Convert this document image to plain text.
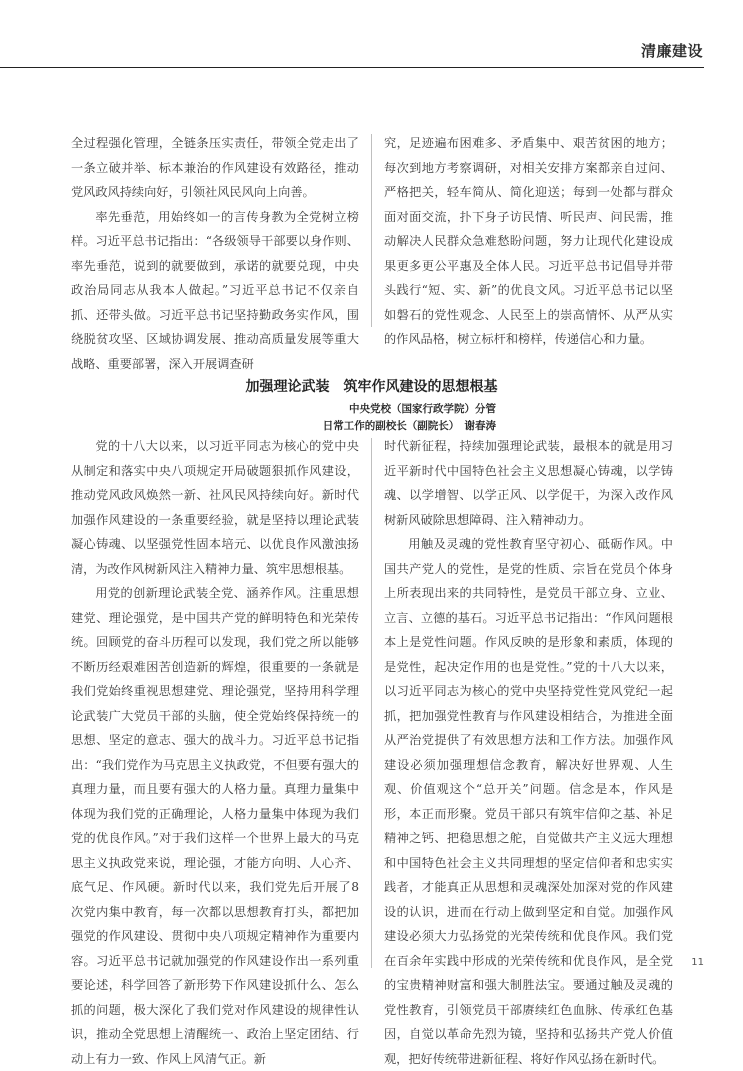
清廉建设

全过程强化管理，全链条压实责任，带领全党走出了一条立破并举、标本兼治的作风建设有效路径，推动党风政风持续向好，引领社风民风向上向善。

率先垂范，用始终如一的言传身教为全党树立榜样。习近平总书记指出：“各级领导干部要以身作则、率先垂范，说到的就要做到，承诺的就要兑现，中央政治局同志从我本人做起。”习近平总书记不仅亲自抓、还带头做。习近平总书记坚持勤政务实作风，围绕脱贫攻坚、区域协调发展、推动高质量发展等重大战略、重要部署，深入开展调查研

究，足迹遍布困难多、矛盾集中、艰苦贫困的地方；每次到地方考察调研，对相关安排方案都亲自过问、严格把关，轻车简从、简化迎送；每到一处都与群众面对面交流，扑下身子访民情、听民声、问民需，推动解决人民群众急难愁盼问题，努力让现代化建设成果更多更公平惠及全体人民。习近平总书记倡导并带头践行“短、实、新”的优良文风。习近平总书记以坚如磐石的党性观念、人民至上的崇高情怀、从严从实的作风品格，树立标杆和榜样，传递信心和力量。

加强理论武装　筑牢作风建设的思想根基
中央党校（国家行政学院）分管
日常工作的副校长（副院长）　谢春涛

党的十八大以来，以习近平同志为核心的党中央从制定和落实中央八项规定开局破题狠抓作风建设，推动党风政风焕然一新、社风民风持续向好。新时代加强作风建设的一条重要经验，就是坚持以理论武装凝心铸魂、以坚强党性固本培元、以优良作风激浊扬清，为改作风树新风注入精神力量、筑牢思想根基。

用党的创新理论武装全党、涵养作风。注重思想建党、理论强党，是中国共产党的鲜明特色和光荣传统。回顾党的奋斗历程可以发现，我们党之所以能够不断历经艰难困苦创造新的辉煌，很重要的一条就是我们党始终重视思想建党、理论强党，坚持用科学理论武装广大党员干部的头脑，使全党始终保持统一的思想、坚定的意志、强大的战斗力。习近平总书记指出：“我们党作为马克思主义执政党，不但要有强大的真理力量，而且要有强大的人格力量。真理力量集中体现为我们党的正确理论，人格力量集中体现为我们党的优良作风。”对于我们这样一个世界上最大的马克思主义执政党来说，理论强，才能方向明、人心齐、底气足、作风硬。新时代以来，我们党先后开展了8次党内集中教育，每一次都以思想教育打头，都把加强党的作风建设、贯彻中央八项规定精神作为重要内容。习近平总书记就加强党的作风建设作出一系列重要论述，科学回答了新形势下作风建设抓什么、怎么抓的问题，极大深化了我们党对作风建设的规律性认识，推动全党思想上清醒统一、政治上坚定团结、行动上有力一致、作风上风清气正。新

时代新征程，持续加强理论武装，最根本的就是用习近平新时代中国特色社会主义思想凝心铸魂，以学铸魂、以学增智、以学正风、以学促干，为深入改作风树新风破除思想障碍、注入精神动力。

用触及灵魂的党性教育坚守初心、砥砺作风。中国共产党人的党性，是党的性质、宗旨在党员个体身上所表现出来的共同特性，是党员干部立身、立业、立言、立德的基石。习近平总书记指出：“作风问题根本上是党性问题。作风反映的是形象和素质，体现的是党性，起决定作用的也是党性。”党的十八大以来，以习近平同志为核心的党中央坚持党性党风党纪一起抓，把加强党性教育与作风建设相结合，为推进全面从严治党提供了有效思想方法和工作方法。加强作风建设必须加强理想信念教育，解决好世界观、人生观、价值观这个“总开关”问题。信念是本，作风是形，本正而形聚。党员干部只有筑牢信仰之基、补足精神之钙、把稳思想之舵，自觉做共产主义远大理想和中国特色社会主义共同理想的坚定信仰者和忠实实践者，才能真正从思想和灵魂深处加深对党的作风建设的认识，进而在行动上做到坚定和自觉。加强作风建设必须大力弘扬党的光荣传统和优良作风。我们党在百余年实践中形成的光荣传统和优良作风，是全党的宝贵精神财富和强大制胜法宝。要通过触及灵魂的党性教育，引领党员干部赓续红色血脉、传承红色基因，自觉以革命先烈为镜，坚持和弘扬共产党人价值观，把好传统带进新征程、将好作风弘扬在新时代。

11
